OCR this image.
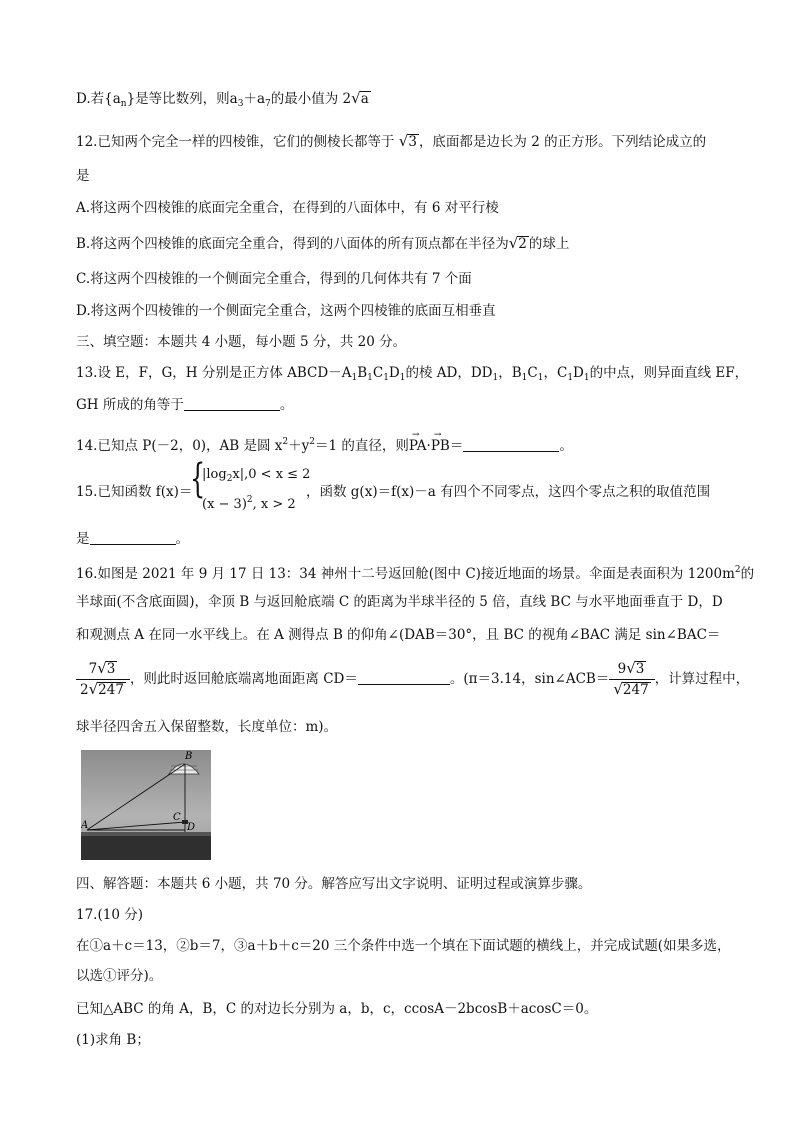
D.若$\{a_n\}$是等比数列，则$a_3+a_7$的最小值为 2√a
12.已知两个完全一样的四棱锥，它们的侧棱长都等于 √3 ，底面都是边长为 2 的正方形。下列结论成立的
是
A.将这两个四棱锥的底面完全重合，在得到的八面体中，有 6 对平行棱
B.将这两个四棱锥的底面完全重合，得到的八面体的所有顶点都在半径为√2 的球上
C.将这两个四棱锥的一个侧面完全重合，得到的几何体共有 7 个面
D.将这两个四棱锥的一个侧面完全重合，这两个四棱锥的底面互相垂直
三、填空题：本题共 4 小题，每小题 5 分，共 20 分。
13.设 E，F，G，H 分别是正方体 $ABCD-A_1B_1C_1D_1$的棱 AD，$DD_1$，$B_1C_1$，$C_1D_1$的中点，则异面直线 EF，
GH 所成的角等于	。
14.已知点 P(－2，0)，AB 是圆 $x^2+y^2=1$ 的直径，则→ PA·→ PB＝	。
15.已知函数 f(x)＝
{
$|\log_2x|,0 < x \le 2$
$(x - 3)^2$, x > 2
，函数 g(x)＝f(x)－a 有四个不同零点，这四个零点之积的取值范围
是	。
16.如图是 2021 年 9 月 17 日 13：34 神州十二号返回舱(图中 C)接近地面的场景。伞面是表面积为 $1200m^2$的
半球面(不含底面圆)，伞顶 B 与返回舱底端 C 的距离为半球半径的 5 倍，直线 BC 与水平地面垂直于 D，D
和观测点 A 在同一水平线上。在 A 测得点 B 的仰角∠(DAB＝30°，且 BC 的视角∠BAC 满足 sin∠BAC＝
$\frac{7√3}{2√247}$ ，则此时返回舱底端离地面距离 CD＝	。(π＝3.14，sin∠ACB＝ $\frac{9√3}{√247}$ ，计算过程中，
球半径四舍五入保留整数，长度单位：m)。
B
C
D
A
四、解答题：本题共 6 小题，共 70 分。解答应写出文字说明、证明过程或演算步骤。
17.(10 分)
在①a＋c＝13，②b＝7，③a＋b＋c＝20 三个条件中选一个填在下面试题的横线上，并完成试题(如果多选，
以选①评分)。
已知△ABC 的角 A，B，C 的对边长分别为 a，b，c，ccosA－2bcosB＋acosC＝0。
(1)求角 B；
